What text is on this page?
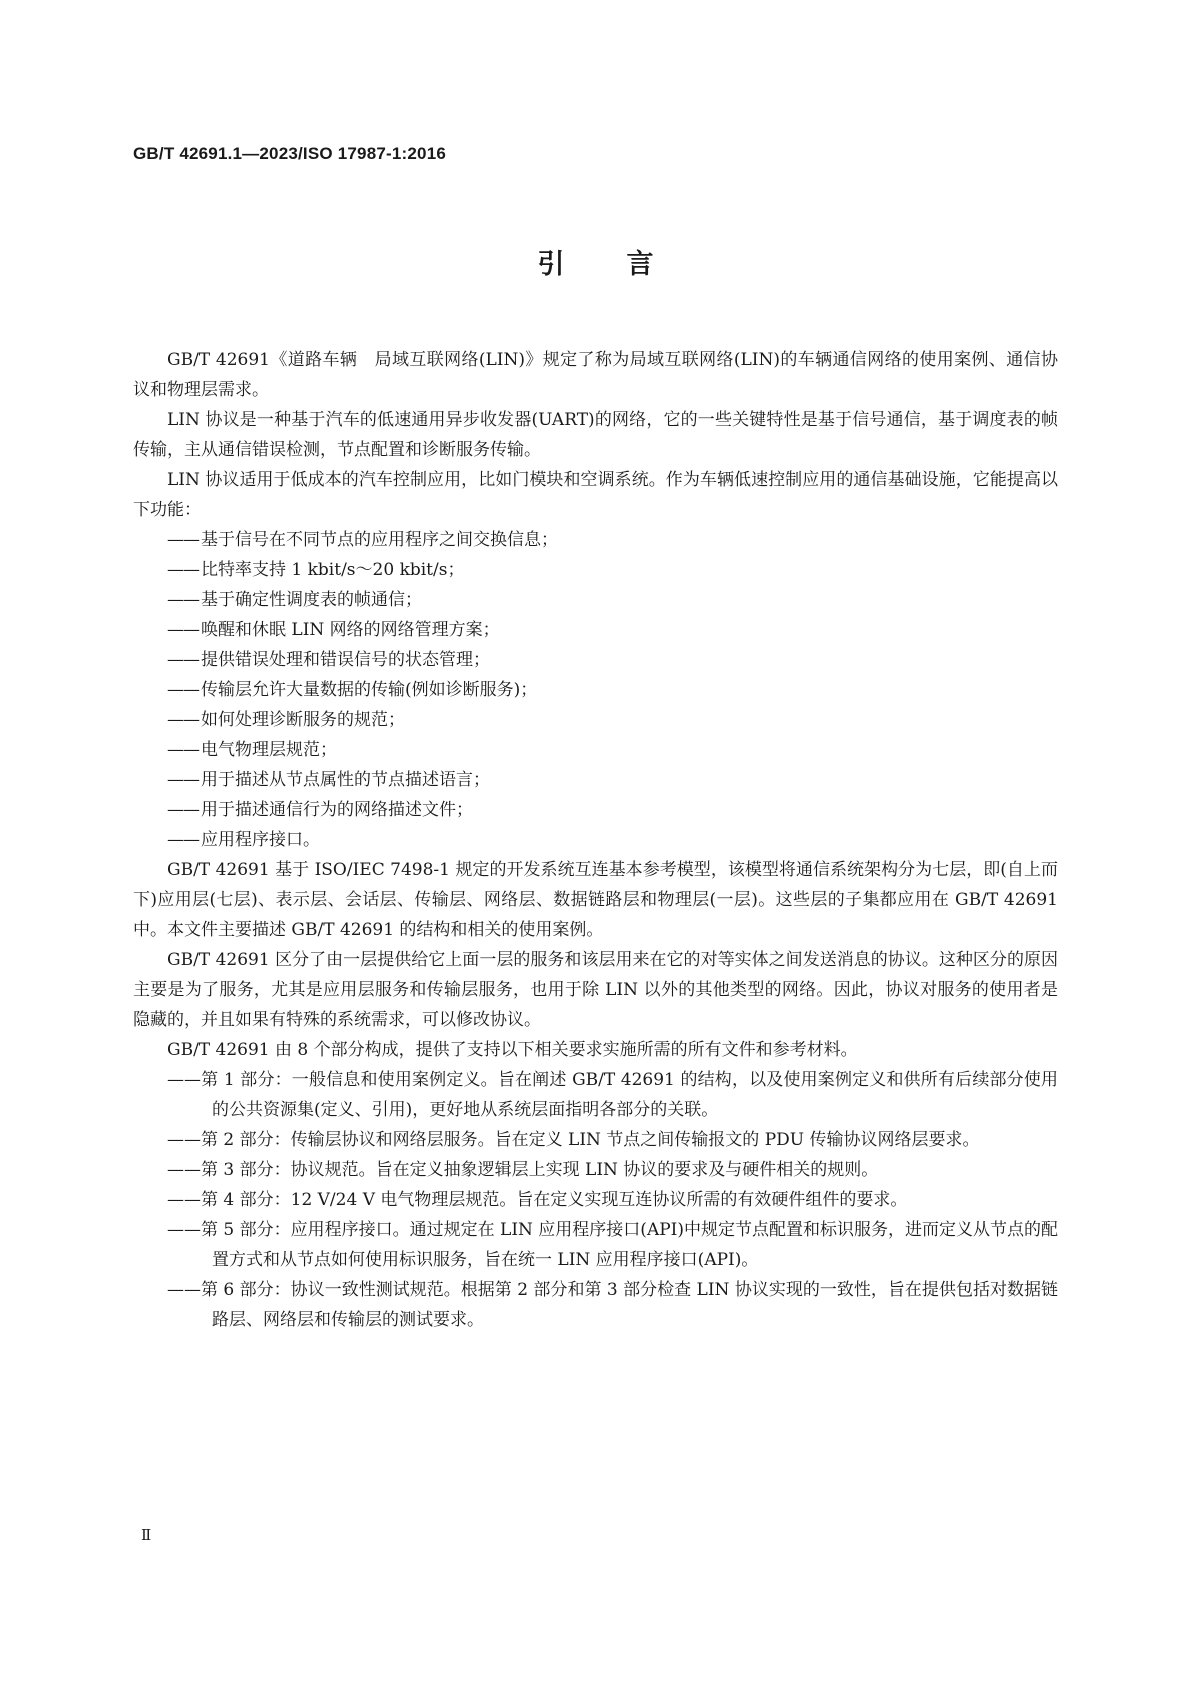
GB/T 42691.1—2023/ISO 17987-1:2016
引言

GB/T 42691《道路车辆　局域互联网络(LIN)》规定了称为局域互联网络(LIN)的车辆通信网络的使用案例、通信协议和物理层需求。

LIN 协议是一种基于汽车的低速通用异步收发器(UART)的网络，它的一些关键特性是基于信号通信，基于调度表的帧传输，主从通信错误检测，节点配置和诊断服务传输。

LIN 协议适用于低成本的汽车控制应用，比如门模块和空调系统。作为车辆低速控制应用的通信基础设施，它能提高以下功能：

—— 基于信号在不同节点的应用程序之间交换信息；

—— 比特率支持 1 kbit/s～20 kbit/s；

—— 基于确定性调度表的帧通信；

—— 唤醒和休眠 LIN 网络的网络管理方案；

—— 提供错误处理和错误信号的状态管理；

—— 传输层允许大量数据的传输(例如诊断服务)；

—— 如何处理诊断服务的规范；

—— 电气物理层规范；

—— 用于描述从节点属性的节点描述语言；

—— 用于描述通信行为的网络描述文件；

—— 应用程序接口。

GB/T 42691 基于 ISO/IEC 7498-1 规定的开发系统互连基本参考模型，该模型将通信系统架构分为七层，即(自上而下)应用层(七层)、表示层、会话层、传输层、网络层、数据链路层和物理层(一层)。这些层的子集都应用在 GB/T 42691 中。本文件主要描述 GB/T 42691 的结构和相关的使用案例。

GB/T 42691 区分了由一层提供给它上面一层的服务和该层用来在它的对等实体之间发送消息的协议。这种区分的原因主要是为了服务，尤其是应用层服务和传输层服务，也用于除 LIN 以外的其他类型的网络。因此，协议对服务的使用者是隐藏的，并且如果有特殊的系统需求，可以修改协议。

GB/T 42691 由 8 个部分构成，提供了支持以下相关要求实施所需的所有文件和参考材料。

——第 1 部分：一般信息和使用案例定义。旨在阐述 GB/T 42691 的结构，以及使用案例定义和供所有后续部分使用的公共资源集(定义、引用)，更好地从系统层面指明各部分的关联。

——第 2 部分：传输层协议和网络层服务。旨在定义 LIN 节点之间传输报文的 PDU 传输协议网络层要求。

——第 3 部分：协议规范。旨在定义抽象逻辑层上实现 LIN 协议的要求及与硬件相关的规则。

——第 4 部分：12 V/24 V 电气物理层规范。旨在定义实现互连协议所需的有效硬件组件的要求。

——第 5 部分：应用程序接口。通过规定在 LIN 应用程序接口(API)中规定节点配置和标识服务，进而定义从节点的配置方式和从节点如何使用标识服务，旨在统一 LIN 应用程序接口(API)。

——第 6 部分：协议一致性测试规范。根据第 2 部分和第 3 部分检查 LIN 协议实现的一致性，旨在提供包括对数据链路层、网络层和传输层的测试要求。

Ⅱ
